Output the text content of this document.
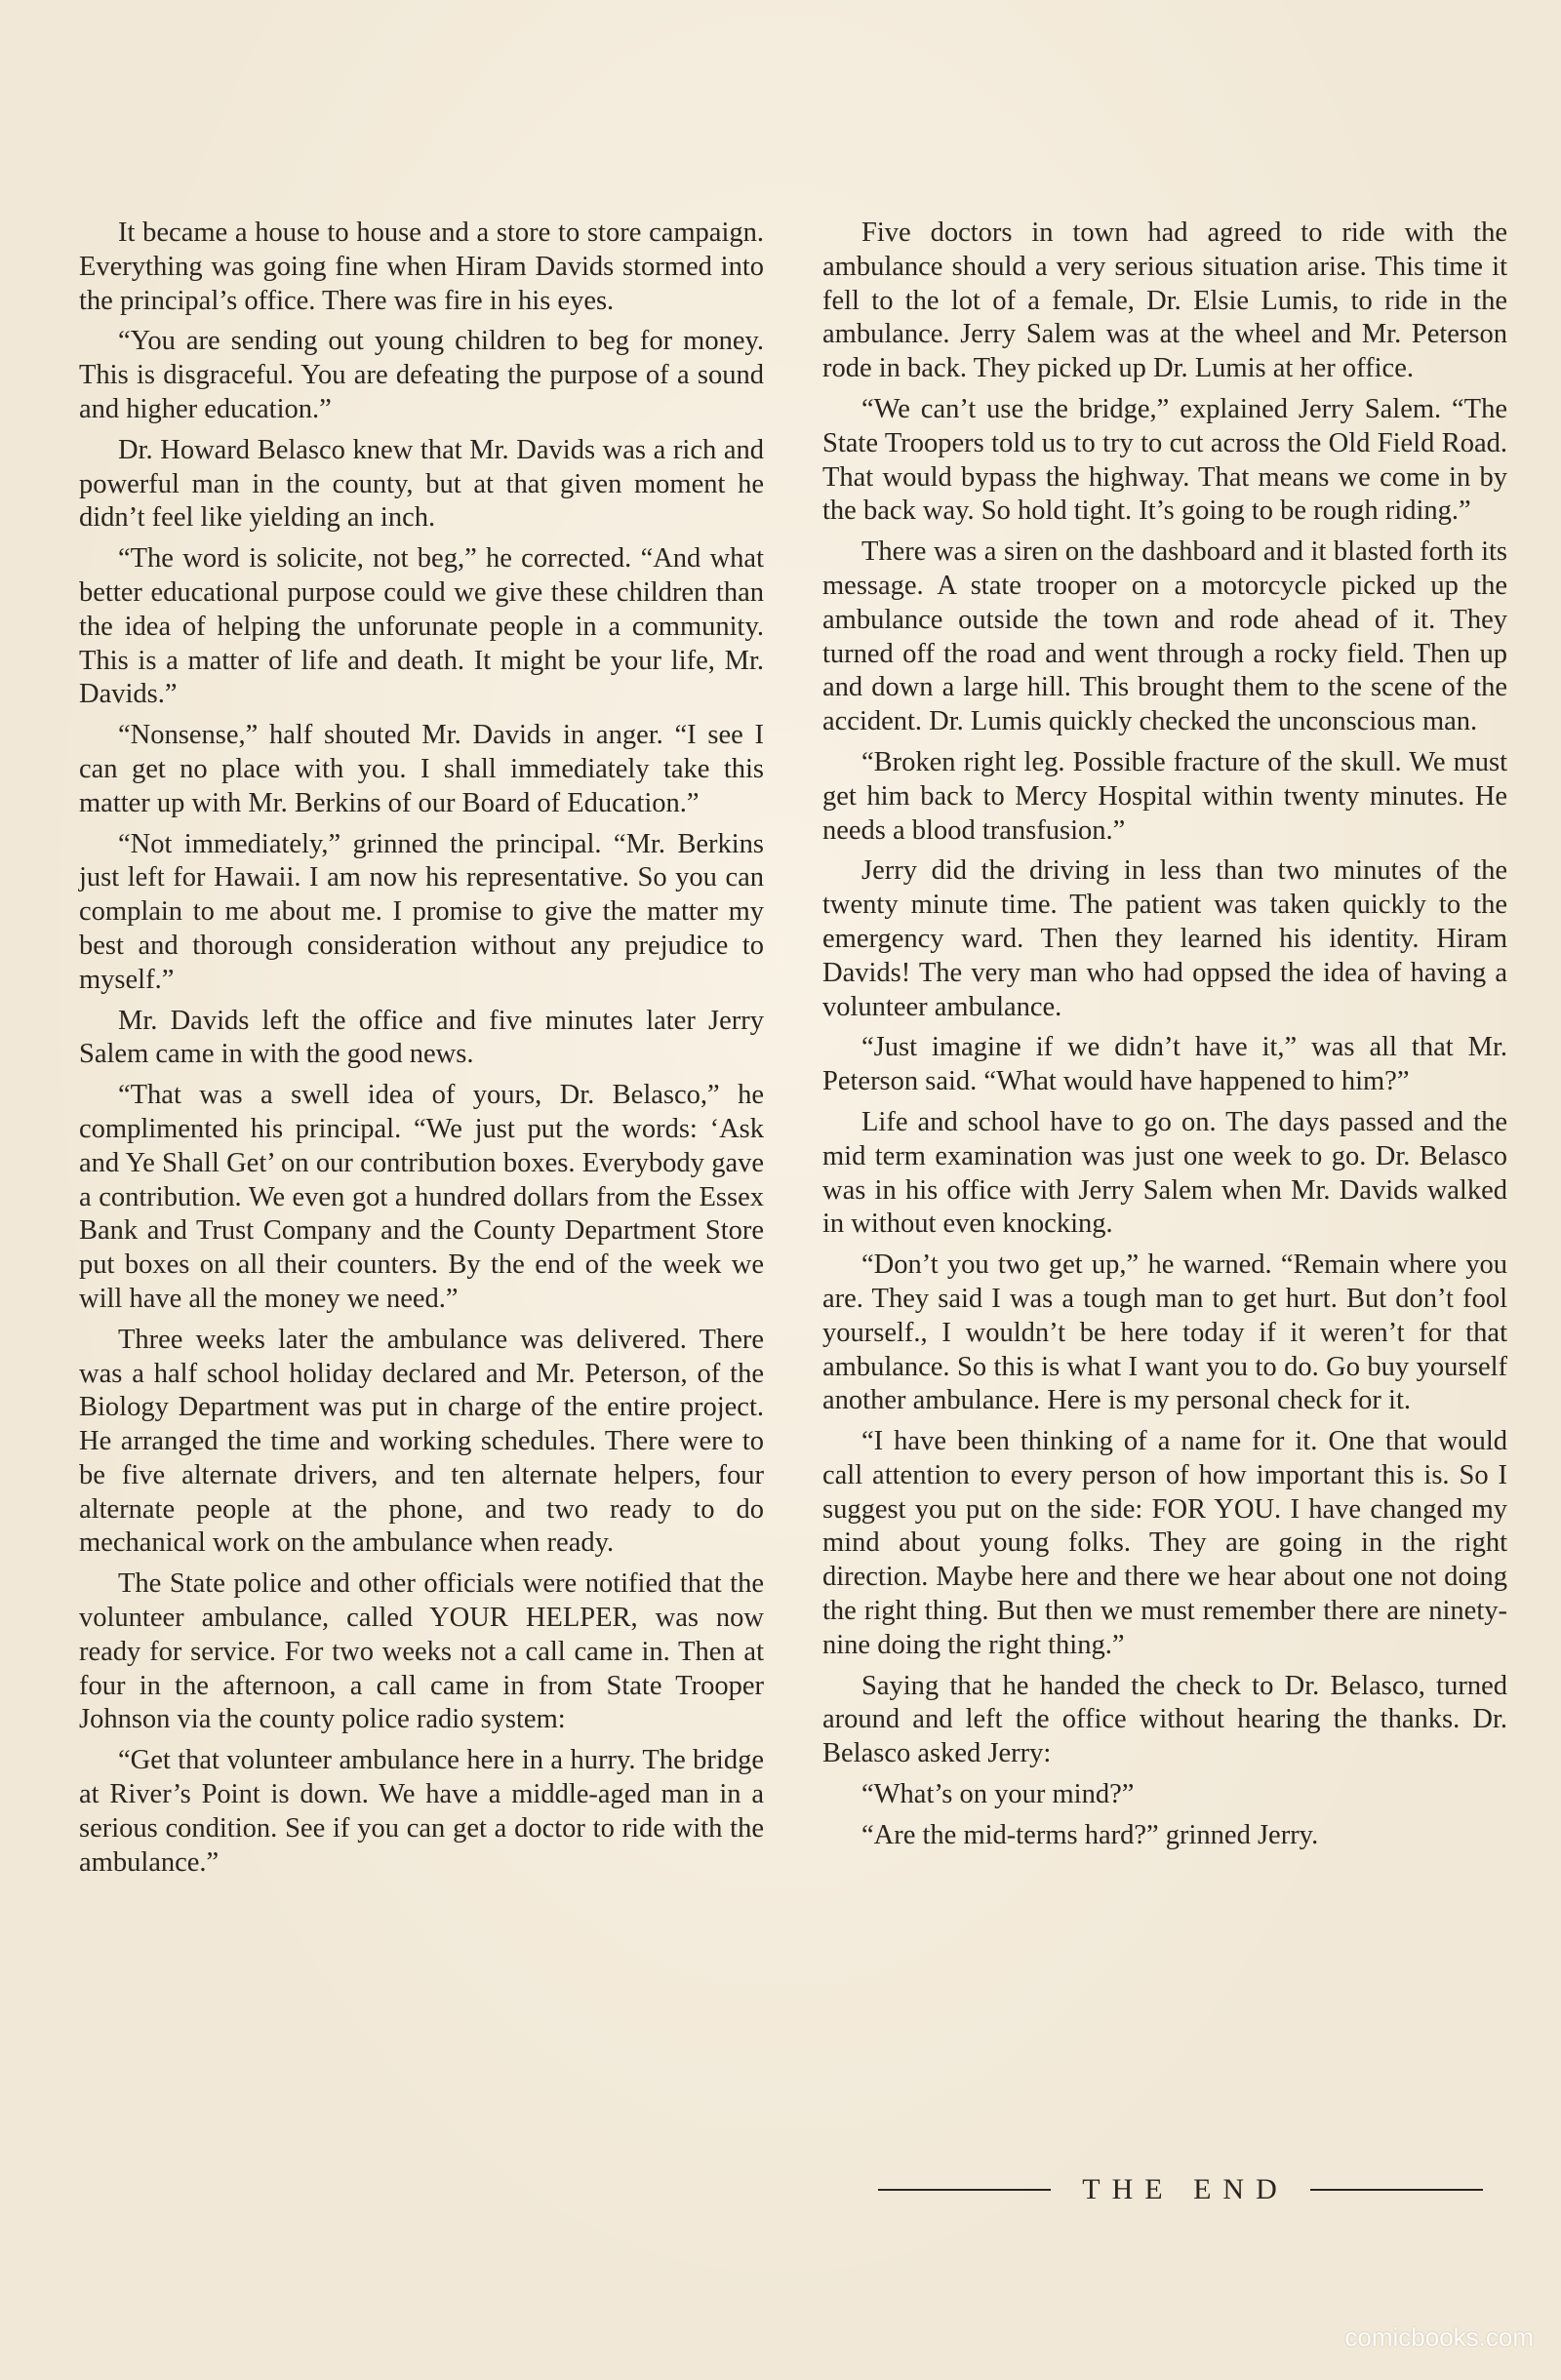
It became a house to house and a store to store campaign. Everything was going fine when Hiram Davids stormed into the principal’s office. There was fire in his eyes.

“You are sending out young children to beg for money. This is disgraceful. You are defeating the purpose of a sound and higher education.”

Dr. Howard Belasco knew that Mr. Davids was a rich and powerful man in the county, but at that given moment he didn’t feel like yielding an inch.

“The word is solicite, not beg,” he corrected. “And what better educational purpose could we give these children than the idea of helping the unforunate people in a community. This is a matter of life and death. It might be your life, Mr. Davids.”

“Nonsense,” half shouted Mr. Davids in anger. “I see I can get no place with you. I shall immediately take this matter up with Mr. Berkins of our Board of Education.”

“Not immediately,” grinned the principal. “Mr. Berkins just left for Hawaii. I am now his representative. So you can complain to me about me. I promise to give the matter my best and thorough consideration without any prejudice to myself.”

Mr. Davids left the office and five minutes later Jerry Salem came in with the good news.

“That was a swell idea of yours, Dr. Belasco,” he complimented his principal. “We just put the words: ‘Ask and Ye Shall Get’ on our contribution boxes. Everybody gave a contribution. We even got a hundred dollars from the Essex Bank and Trust Company and the County Department Store put boxes on all their counters. By the end of the week we will have all the money we need.”

Three weeks later the ambulance was delivered. There was a half school holiday declared and Mr. Peterson, of the Biology Department was put in charge of the entire project. He arranged the time and working schedules. There were to be five alternate drivers, and ten alternate helpers, four alternate people at the phone, and two ready to do mechanical work on the ambulance when ready.

The State police and other officials were notified that the volunteer ambulance, called YOUR HELPER, was now ready for service. For two weeks not a call came in. Then at four in the afternoon, a call came in from State Trooper Johnson via the county police radio system:

“Get that volunteer ambulance here in a hurry. The bridge at River’s Point is down. We have a middle-aged man in a serious condition. See if you can get a doctor to ride with the ambulance.”

Five doctors in town had agreed to ride with the ambulance should a very serious situation arise. This time it fell to the lot of a female, Dr. Elsie Lumis, to ride in the ambulance. Jerry Salem was at the wheel and Mr. Peterson rode in back. They picked up Dr. Lumis at her office.

“We can’t use the bridge,” explained Jerry Salem. “The State Troopers told us to try to cut across the Old Field Road. That would bypass the highway. That means we come in by the back way. So hold tight. It’s going to be rough riding.”

There was a siren on the dashboard and it blasted forth its message. A state trooper on a motorcycle picked up the ambulance outside the town and rode ahead of it. They turned off the road and went through a rocky field. Then up and down a large hill. This brought them to the scene of the accident. Dr. Lumis quickly checked the unconscious man.

“Broken right leg. Possible fracture of the skull. We must get him back to Mercy Hospital within twenty minutes. He needs a blood transfusion.”

Jerry did the driving in less than two minutes of the twenty minute time. The patient was taken quickly to the emergency ward. Then they learned his identity. Hiram Davids! The very man who had oppsed the idea of having a volunteer ambulance.

“Just imagine if we didn’t have it,” was all that Mr. Peterson said. “What would have happened to him?”

Life and school have to go on. The days passed and the mid term examination was just one week to go. Dr. Belasco was in his office with Jerry Salem when Mr. Davids walked in without even knocking.

“Don’t you two get up,” he warned. “Remain where you are. They said I was a tough man to get hurt. But don’t fool yourself., I wouldn’t be here today if it weren’t for that ambulance. So this is what I want you to do. Go buy yourself another ambulance. Here is my personal check for it.

“I have been thinking of a name for it. One that would call attention to every person of how important this is. So I suggest you put on the side: FOR YOU. I have changed my mind about young folks. They are going in the right direction. Maybe here and there we hear about one not doing the right thing. But then we must remember there are ninety-nine doing the right thing.”

Saying that he handed the check to Dr. Belasco, turned around and left the office without hearing the thanks. Dr. Belasco asked Jerry:

“What’s on your mind?”

“Are the mid-terms hard?” grinned Jerry.

THE END
comicbooks.com
